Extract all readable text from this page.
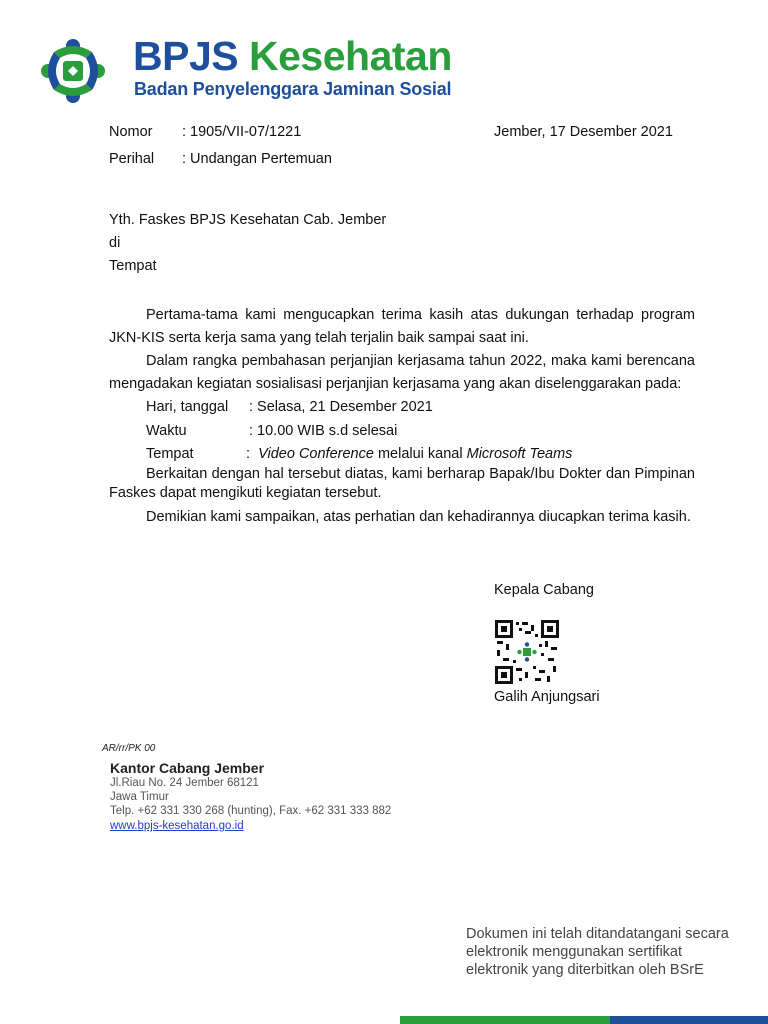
BPJS Kesehatan
Badan Penyelenggara Jaminan Sosial
Nomor : 1905/VII-07/1221	Jember, 17 Desember 2021
Perihal : Undangan Pertemuan
Yth. Faskes BPJS Kesehatan Cab. Jember
di
Tempat
Pertama-tama kami mengucapkan terima kasih atas dukungan terhadap program JKN-KIS serta kerja sama yang telah terjalin baik sampai saat ini.
Dalam rangka pembahasan perjanjian kerjasama tahun 2022, maka kami berencana mengadakan kegiatan sosialisasi perjanjian kerjasama yang akan diselenggarakan pada:
Hari, tanggal : Selasa, 21 Desember 2021
Waktu	: 10.00 WIB s.d selesai
Tempat	: Video Conference melalui kanal Microsoft Teams
Berkaitan dengan hal tersebut diatas, kami berharap Bapak/Ibu Dokter dan Pimpinan Faskes dapat mengikuti kegiatan tersebut.
Demikian kami sampaikan, atas perhatian dan kehadirannya diucapkan terima kasih.
Kepala Cabang
Galih Anjungsari
AR/rr/PK 00
Kantor Cabang Jember
Jl.Riau No. 24 Jember 68121
Jawa Timur
Telp. +62 331 330 268 (hunting), Fax. +62 331 333 882
www.bpjs-kesehatan.go.id
Dokumen ini telah ditandatangani secara
elektronik menggunakan sertifikat
elektronik yang diterbitkan oleh BSrE
